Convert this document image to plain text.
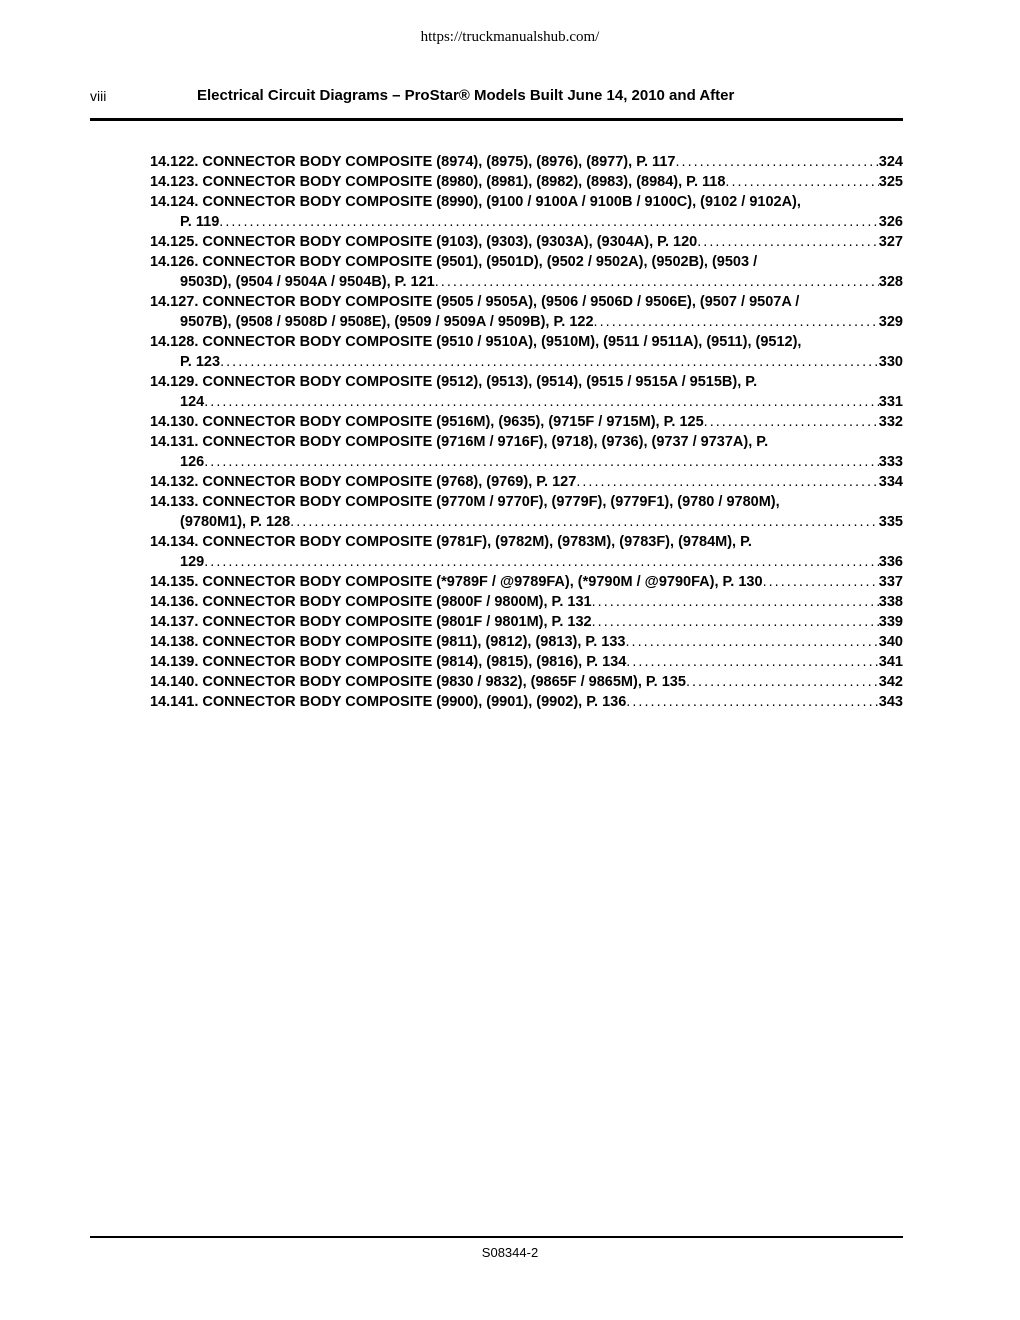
https://truckmanualshub.com/
viii	Electrical Circuit Diagrams – ProStar® Models Built June 14, 2010 and After
14.122. CONNECTOR BODY COMPOSITE (8974), (8975), (8976), (8977), P. 117 . . .	324
14.123. CONNECTOR BODY COMPOSITE (8980), (8981), (8982), (8983), (8984), P. 118 . . .	325
14.124. CONNECTOR BODY COMPOSITE (8990), (9100 / 9100A / 9100B / 9100C), (9102 / 9102A),
P. 119 . . .	326
14.125. CONNECTOR BODY COMPOSITE (9103), (9303), (9303A), (9304A), P. 120 . . .	327
14.126. CONNECTOR BODY COMPOSITE (9501), (9501D), (9502 / 9502A), (9502B), (9503 /
9503D), (9504 / 9504A / 9504B), P. 121 . . .	328
14.127. CONNECTOR BODY COMPOSITE (9505 / 9505A), (9506 / 9506D / 9506E), (9507 / 9507A /
9507B), (9508 / 9508D / 9508E), (9509 / 9509A / 9509B), P. 122 . . .	329
14.128. CONNECTOR BODY COMPOSITE (9510 / 9510A), (9510M), (9511 / 9511A), (9511), (9512),
P. 123 . . .	330
14.129. CONNECTOR BODY COMPOSITE (9512), (9513), (9514), (9515 / 9515A / 9515B), P.
124 . . .	331
14.130. CONNECTOR BODY COMPOSITE (9516M), (9635), (9715F / 9715M), P. 125 . . .	332
14.131. CONNECTOR BODY COMPOSITE (9716M / 9716F), (9718), (9736), (9737 / 9737A), P.
126 . . .	333
14.132. CONNECTOR BODY COMPOSITE (9768), (9769), P. 127 . . .	334
14.133. CONNECTOR BODY COMPOSITE (9770M / 9770F), (9779F), (9779F1), (9780 / 9780M),
(9780M1), P. 128 . . .	335
14.134. CONNECTOR BODY COMPOSITE (9781F), (9782M), (9783M), (9783F), (9784M), P.
129 . . .	336
14.135. CONNECTOR BODY COMPOSITE (*9789F / @9789FA), (*9790M / @9790FA), P. 130 . . .	337
14.136. CONNECTOR BODY COMPOSITE (9800F / 9800M), P. 131 . . .	338
14.137. CONNECTOR BODY COMPOSITE (9801F / 9801M), P. 132 . . .	339
14.138. CONNECTOR BODY COMPOSITE (9811), (9812), (9813), P. 133 . . .	340
14.139. CONNECTOR BODY COMPOSITE (9814), (9815), (9816), P. 134 . . .	341
14.140. CONNECTOR BODY COMPOSITE (9830 / 9832), (9865F / 9865M), P. 135 . . .	342
14.141. CONNECTOR BODY COMPOSITE (9900), (9901), (9902), P. 136 . . .	343
S08344-2
